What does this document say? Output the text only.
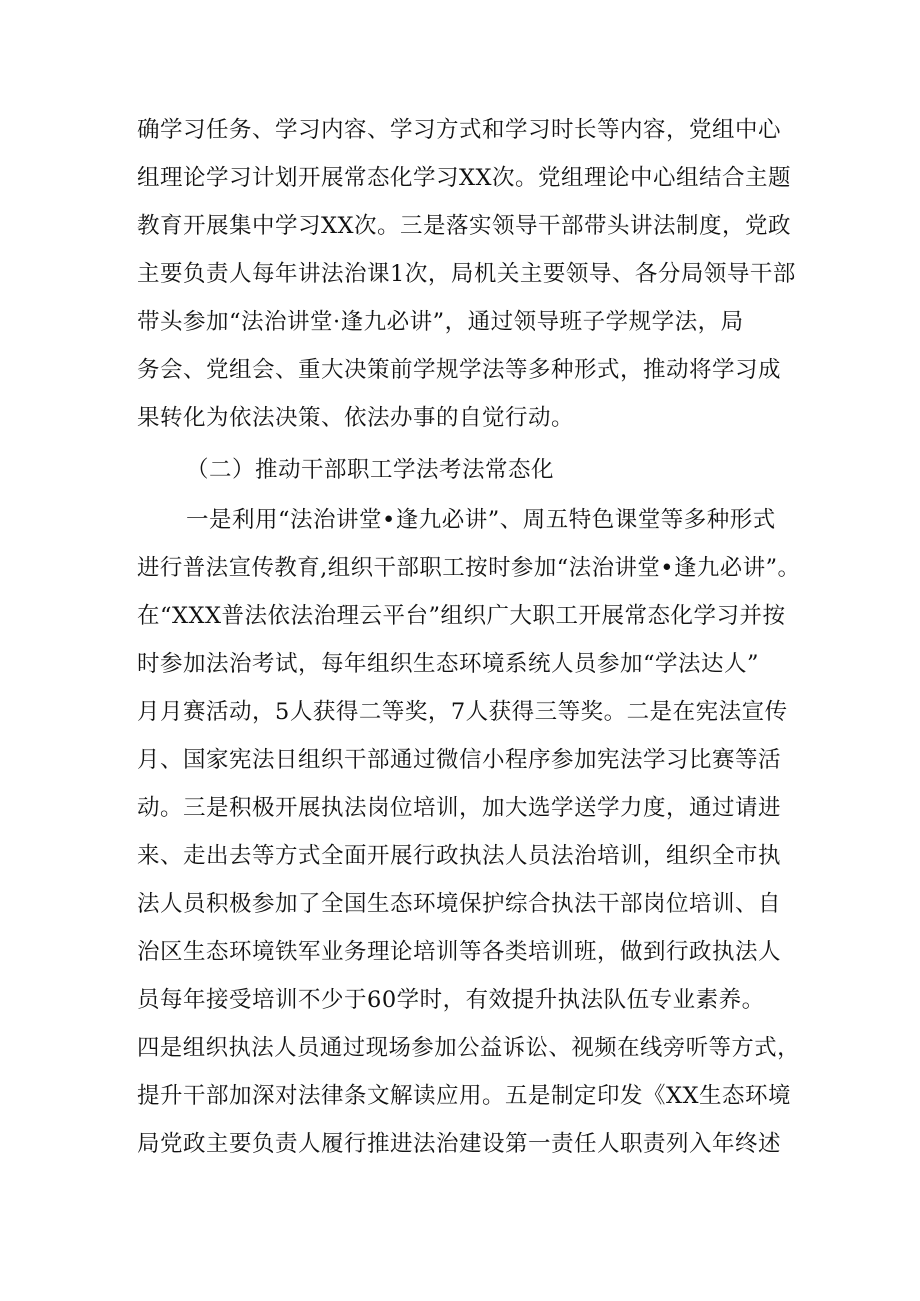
确学习任务、学习内容、学习方式和学习时长等内容，党组中心
组理论学习计划开展常态化学习XX次。党组理论中心组结合主题
教育开展集中学习XX次。三是落实领导干部带头讲法制度，党政
主要负责人每年讲法治课1次，局机关主要领导、各分局领导干部
带头参加“法治讲堂·逢九必讲”，通过领导班子学规学法，局
务会、党组会、重大决策前学规学法等多种形式，推动将学习成
果转化为依法决策、依法办事的自觉行动。
（二）推动干部职工学法考法常态化
一是利用“法治讲堂•逢九必讲”、周五特色课堂等多种形式
进行普法宣传教育,组织干部职工按时参加“法治讲堂•逢九必讲”。
在“XXX普法依法治理云平台”组织广大职工开展常态化学习并按
时参加法治考试，每年组织生态环境系统人员参加“学法达人”
月月赛活动，5人获得二等奖，7人获得三等奖。二是在宪法宣传
月、国家宪法日组织干部通过微信小程序参加宪法学习比赛等活
动。三是积极开展执法岗位培训，加大选学送学力度，通过请进
来、走出去等方式全面开展行政执法人员法治培训，组织全市执
法人员积极参加了全国生态环境保护综合执法干部岗位培训、自
治区生态环境铁军业务理论培训等各类培训班，做到行政执法人
员每年接受培训不少于60学时，有效提升执法队伍专业素养。
四是组织执法人员通过现场参加公益诉讼、视频在线旁听等方式，
提升干部加深对法律条文解读应用。五是制定印发《XX生态环境
局党政主要负责人履行推进法治建设第一责任人职责列入年终述
